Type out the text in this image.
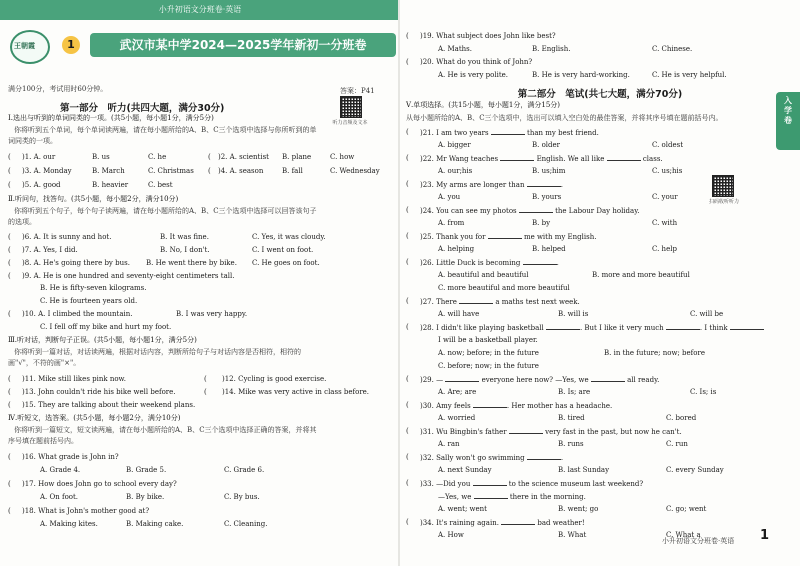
小升初语文分班卷·英语
王朝霞	1	武汉市某中学2024—2025学年新初一分班卷
满分100分，考试用时60分钟。	答案：P41
听力音频及文本
第一部分　听力(共四大题，满分30分)
Ⅰ.选出与听到的单词同类的一项。(共5小题，每小题1分，满分5分)
你将听到五个单词，每个单词读两遍，请在每小题所给的A、B、C三个选项中选择与你所听到的单
词同类的一项。
( )1. A. our	B. us	C. he	( )2. A. scientist B. plane	C. how
( )3. A. Monday	B. March	C. Christmas ( )4. A. season	B. fall	C. Wednesday
( )5. A. good	B. heavier	C. best
Ⅱ.听问句，找答句。(共5小题，每小题2分，满分10分)
你将听到五个句子，每个句子读两遍，请在每小题所给的A、B、C三个选项中选择可以回答该句子
的选项。
( )6. A. It is sunny and hot.	B. It was fine.	C. Yes, it was cloudy.
( )7. A. Yes, I did.	B. No, I don't.	C. I went on foot.
( )8. A. He's going there by bus. B. He went there by bike. C. He goes on foot.
( )9. A. He is one hundred and seventy-eight centimeters tall.
B. He is fifty-seven kilograms.
C. He is fourteen years old.
( )10. A. I climbed the mountain.	B. I was very happy.
C. I fell off my bike and hurt my foot.
Ⅲ.听对话，判断句子正误。(共5小题，每小题1分，满分5分)
你将听到一篇对话，对话读两遍，根据对话内容，判断所给句子与对话内容是否相符，相符的
画"√"，不符的画"×"。
( )11. Mike still likes pink now.	( )12. Cycling is good exercise.
( )13. John couldn't ride his bike well before.	( )14. Mike was very active in class before.
( )15. They are talking about their weekend plans.
Ⅳ.听短文，选答案。(共5小题，每小题2分，满分10分)
你将听到一篇短文，短文读两遍，请在每小题所给的A、B、C三个选项中选择正确的答案，并将其
序号填在题前括号内。
( )16. What grade is John in?
A. Grade 4.	B. Grade 5.	C. Grade 6.
( )17. How does John go to school every day?
A. On foot.	B. By bike.	C. By bus.
( )18. What is John's mother good at?
A. Making kites.	B. Making cake.	C. Cleaning.
( )19. What subject does John like best?
A. Maths.	B. English.	C. Chinese.
( )20. What do you think of John?
A. He is very polite.	B. He is very hard-working.	C. He is very helpful.
第二部分　笔试(共七大题，满分70分)
入学卷
Ⅴ.单项选择。(共15小题，每小题1分，满分15分)
从每小题所给的A、B、C三个选项中，选出可以填入空白处的最佳答案，并将其序号填在题前括号内。
( )21. I am two years	than my best friend.
A. bigger	B. older	C. oldest
( )22. Mr Wang teaches	English. We all like	class.
A. our;his	B. us;him	C. us;his
扫码收听听力
( )23. My arms are longer than	.
A. you	B. yours	C. your
( )24. You can see my photos	the Labour Day holiday.
A. from	B. by	C. with
( )25. Thank you for	me with my English.
A. helping	B. helped	C. help
( )26. Little Duck is becoming	.
A. beautiful and beautiful	B. more and more beautiful
C. more beautiful and more beautiful
( )27. There	a maths test next week.
A. will have	B. will is	C. will be
( )28. I didn't like playing basketball	. But I like it very much	. I think
I will be a basketball player.
A. now; before; in the future	B. in the future; now; before
C. before; now; in the future
( )29. —	everyone here now? —Yes, we	all ready.
A. Are; are	B. Is; are	C. Is; is
( )30. Amy feels	. Her mother has a headache.
A. worried	B. tired	C. bored
( )31. Wu Bingbin's father	very fast in the past, but now he can't.
A. ran	B. runs	C. run
( )32. Sally won't go swimming	.
A. next Sunday	B. last Sunday	C. every Sunday
( )33. —Did you	to the science museum last weekend?
—Yes, we	there in the morning.
A. went; went	B. went; go	C. go; went
( )34. It's raining again.	bad weather!
A. How	B. What	C. What a
小升初语文分班卷·英语 1
